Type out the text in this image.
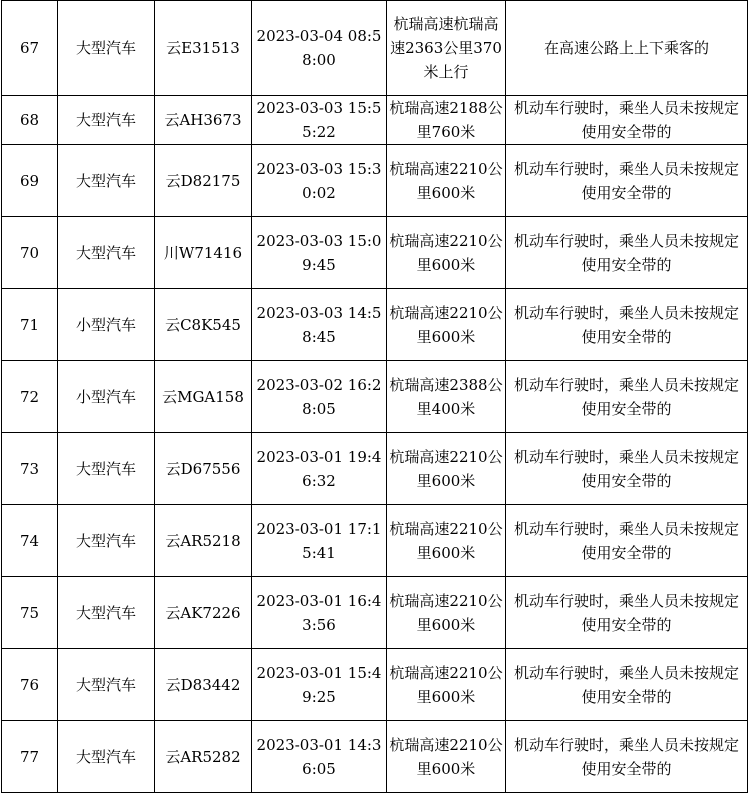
67	大型汽车	云E31513	2023-03-04 08:58:00	杭瑞高速杭瑞高速2363公里370米上行	在高速公路上上下乘客的
68	大型汽车	云AH3673	2023-03-03 15:55:22	杭瑞高速2188公里760米	机动车行驶时，乘坐人员未按规定使用安全带的
69	大型汽车	云D82175	2023-03-03 15:30:02	杭瑞高速2210公里600米	机动车行驶时，乘坐人员未按规定使用安全带的
70	大型汽车	川W71416	2023-03-03 15:09:45	杭瑞高速2210公里600米	机动车行驶时，乘坐人员未按规定使用安全带的
71	小型汽车	云C8K545	2023-03-03 14:58:45	杭瑞高速2210公里600米	机动车行驶时，乘坐人员未按规定使用安全带的
72	小型汽车	云MGA158	2023-03-02 16:28:05	杭瑞高速2388公里400米	机动车行驶时，乘坐人员未按规定使用安全带的
73	大型汽车	云D67556	2023-03-01 19:46:32	杭瑞高速2210公里600米	机动车行驶时，乘坐人员未按规定使用安全带的
74	大型汽车	云AR5218	2023-03-01 17:15:41	杭瑞高速2210公里600米	机动车行驶时，乘坐人员未按规定使用安全带的
75	大型汽车	云AK7226	2023-03-01 16:43:56	杭瑞高速2210公里600米	机动车行驶时，乘坐人员未按规定使用安全带的
76	大型汽车	云D83442	2023-03-01 15:49:25	杭瑞高速2210公里600米	机动车行驶时，乘坐人员未按规定使用安全带的
77	大型汽车	云AR5282	2023-03-01 14:36:05	杭瑞高速2210公里600米	机动车行驶时，乘坐人员未按规定使用安全带的
